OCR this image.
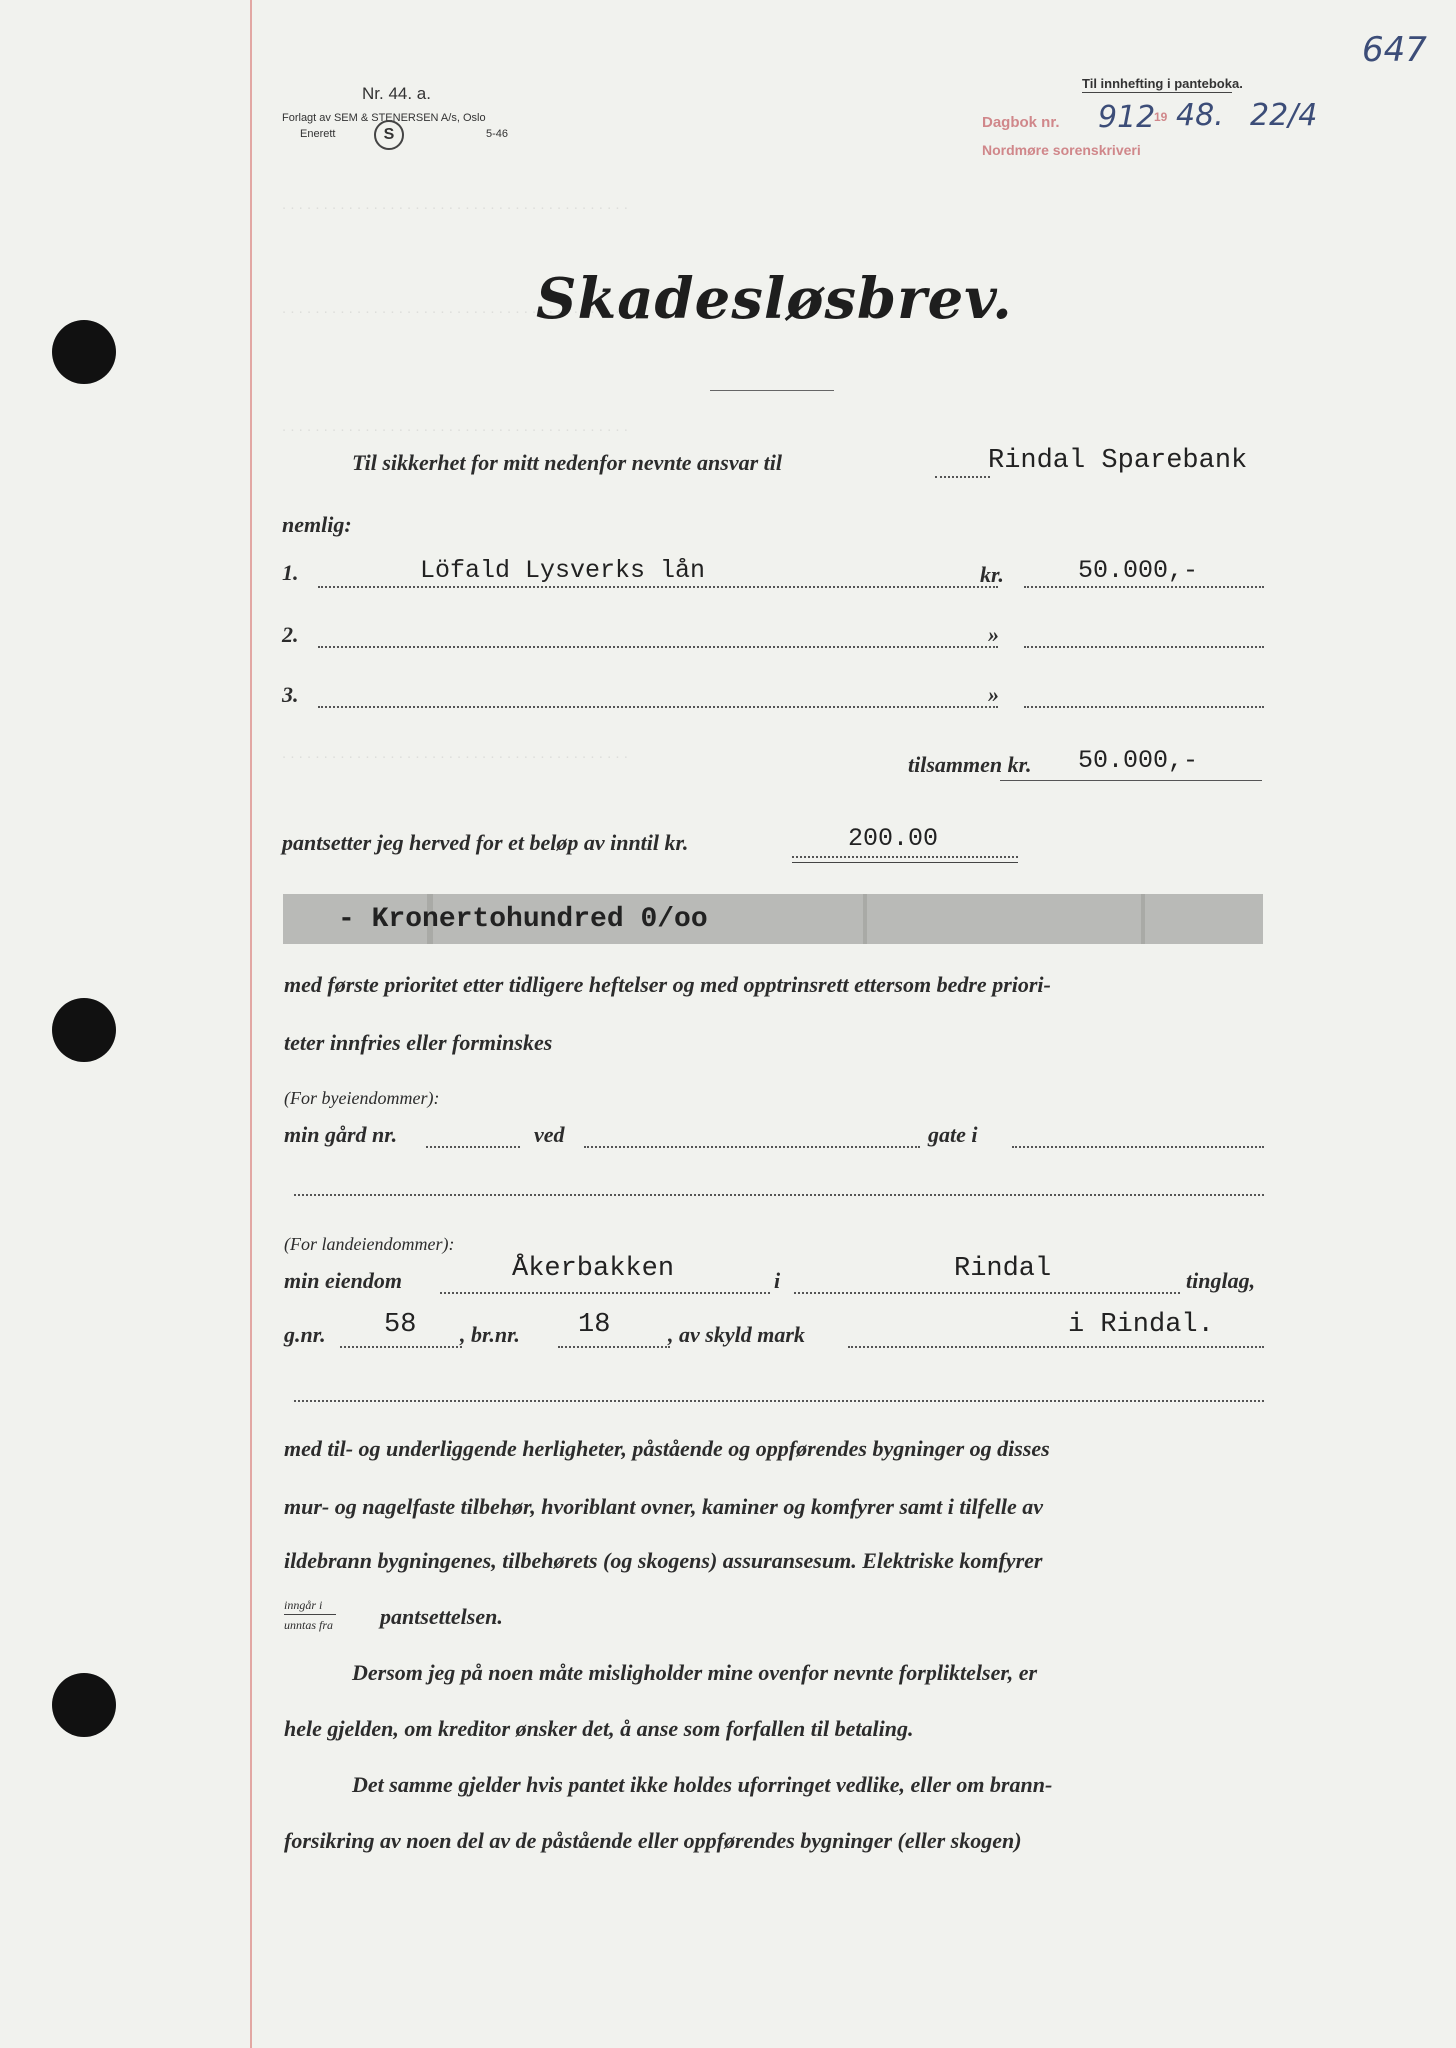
. . . . . . . . . . . . . . . . . . . . . . . . . . . . . . . . . . . . . . . . . .
. . . . . . . . . . . . . . . . . . . . . . . . . . . . . . . . . . . . . . . . . .
. . . . . . . . . . . . . . . . . . . . . . . . . . . . . . . . . . . . . . . . . .
. . . . . . . . . . . . . . . . . . . . . . . . . . . . . . . . . . . . . . . . . .
Nr. 44. a.
Forlagt av SEM & STENERSEN A/s, Oslo
Enerett	S	5-46
Til innhefting i panteboka.
Dagbok nr. 912
19 48. 22/4
Nordmøre sorenskriveri
647
Skadesløsbrev.
Til sikkerhet for mitt nedenfor nevnte ansvar til	Rindal Sparebank
nemlig:
1.	Löfald Lysverks lån	kr.	50.000,-
2.	»
3.	»
tilsammen kr. 50.000,-
pantsetter jeg herved for et beløp av inntil kr.	200.00
- Kronertohundrеd 0/oo
med første prioritet etter tidligere heftelser og med opptrinsrett ettersom bedre priori-
teter innfries eller forminskes
(For byeiendommer):
min gård nr.	ved	gate i
(For landeiendommer):
min eiendom	Åkerbakken	i	Rindal	tinglag,
g.nr. 58 , br.nr. 18	, av skyld mark	i Rindal.
med til- og underliggende herligheter, påstående og oppførendes bygninger og disses
mur- og nagelfaste tilbehør, hvoriblant ovner, kaminer og komfyrer samt i tilfelle av
ildebrann bygningenes, tilbehørets (og skogens) assuransesum. Elektriske komfyrer
inngår i
unntas fra pantsettelsen.
Dersom jeg på noen måte misligholder mine ovenfor nevnte forpliktelser, er
hele gjelden, om kreditor ønsker det, å anse som forfallen til betaling.
Det samme gjelder hvis pantet ikke holdes uforringet vedlike, eller om brann-
forsikring av noen del av de påstående eller oppførendes bygninger (eller skogen)
